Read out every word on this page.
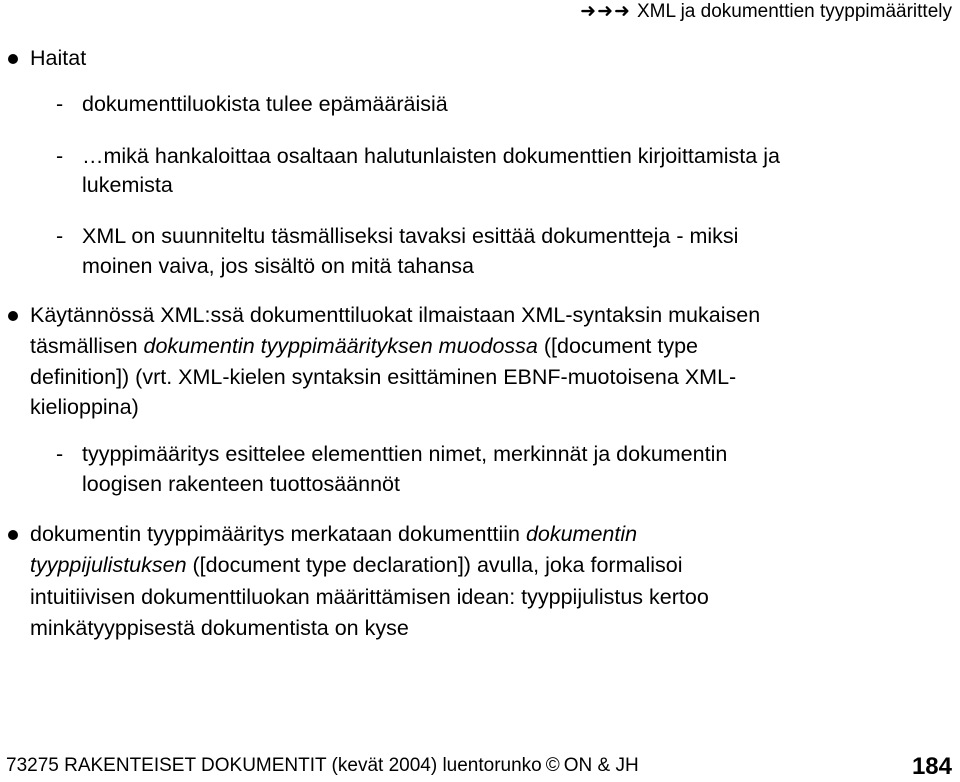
➜➜➜ XML ja dokumenttien tyyppimäärittely
Haitat
- dokumenttiluokista tulee epämääräisiä
- …mikä hankaloittaa osaltaan halutunlaisten dokumenttien kirjoittamista ja
lukemista
- XML on suunniteltu täsmälliseksi tavaksi esittää dokumentteja - miksi
moinen vaiva, jos sisältö on mitä tahansa
Käytännössä XML:ssä dokumenttiluokat ilmaistaan XML-syntaksin mukaisen
täsmällisen dokumentin tyyppimäärityksen muodossa ([document type
definition]) (vrt. XML-kielen syntaksin esittäminen EBNF-muotoisena XML-
kielioppina)
- tyyppimääritys esittelee elementtien nimet, merkinnät ja dokumentin
loogisen rakenteen tuottosäännöt
dokumentin tyyppimääritys merkataan dokumenttiin dokumentin
tyyppijulistuksen ([document type declaration]) avulla, joka formalisoi
intuitiivisen dokumenttiluokan määrittämisen idean: tyyppijulistus kertoo
minkätyyppisestä dokumentista on kyse
73275 RAKENTEISET DOKUMENTIT (kevät 2004) luentorunko © ON & JH	184
